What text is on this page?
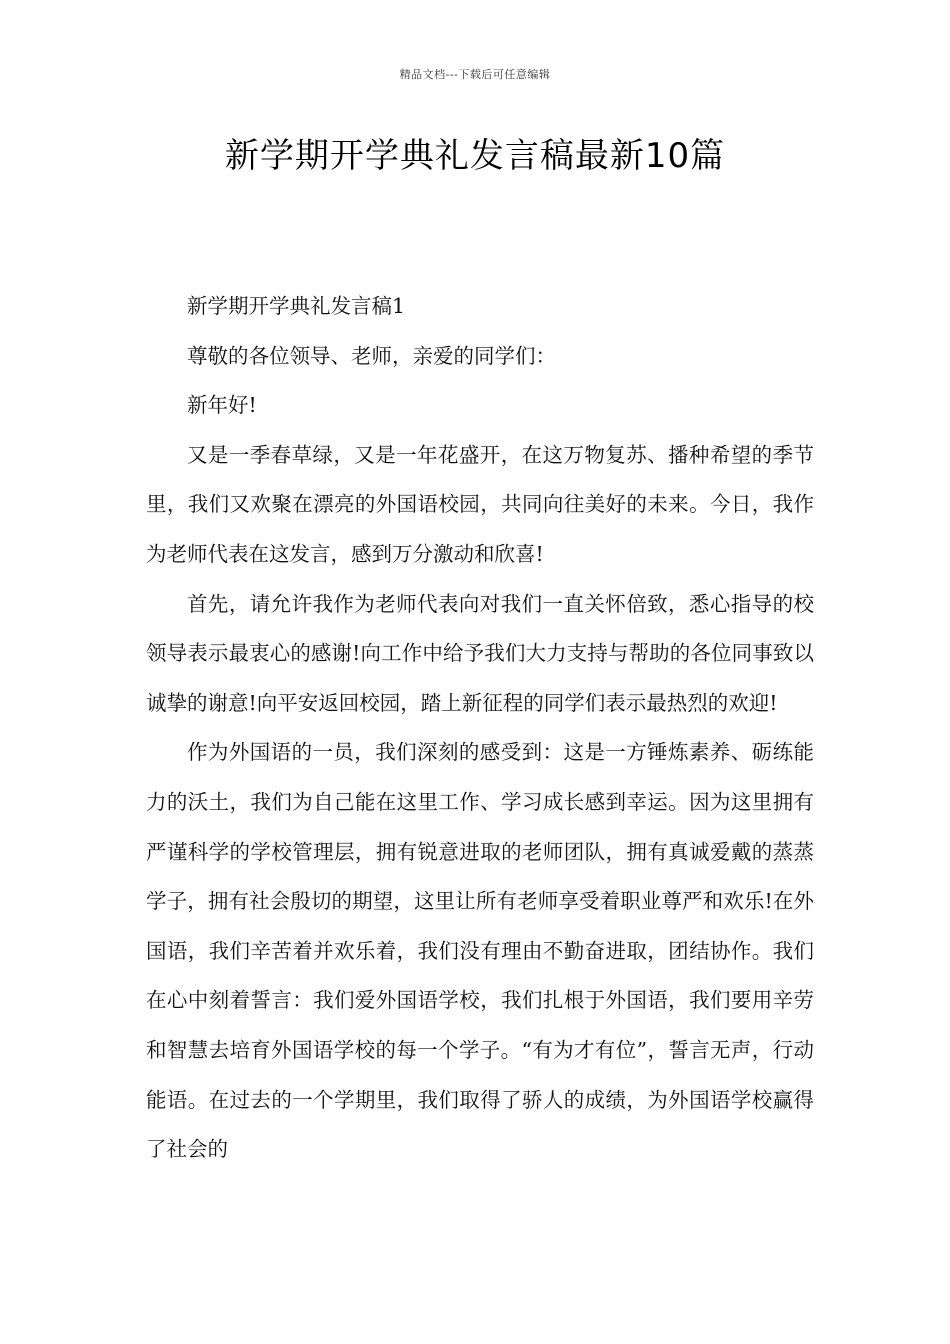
精品文档---下载后可任意编辑
新学期开学典礼发言稿最新10篇

新学期开学典礼发言稿1

尊敬的各位领导、老师，亲爱的同学们：

新年好!

又是一季春草绿，又是一年花盛开，在这万物复苏、播种希望的季节里，我们又欢聚在漂亮的外国语校园，共同向往美好的未来。今日，我作为老师代表在这发言，感到万分激动和欣喜!

首先，请允许我作为老师代表向对我们一直关怀倍致，悉心指导的校领导表示最衷心的感谢!向工作中给予我们大力支持与帮助的各位同事致以诚挚的谢意!向平安返回校园，踏上新征程的同学们表示最热烈的欢迎!

作为外国语的一员，我们深刻的感受到：这是一方锤炼素养、砺练能力的沃土，我们为自己能在这里工作、学习成长感到幸运。因为这里拥有严谨科学的学校管理层，拥有锐意进取的老师团队，拥有真诚爱戴的蒸蒸学子，拥有社会殷切的期望，这里让所有老师享受着职业尊严和欢乐!在外国语，我们辛苦着并欢乐着，我们没有理由不勤奋进取，团结协作。我们在心中刻着誓言：我们爱外国语学校，我们扎根于外国语，我们要用辛劳和智慧去培育外国语学校的每一个学子。“有为才有位”，誓言无声，行动能语。在过去的一个学期里，我们取得了骄人的成绩，为外国语学校赢得了社会的
